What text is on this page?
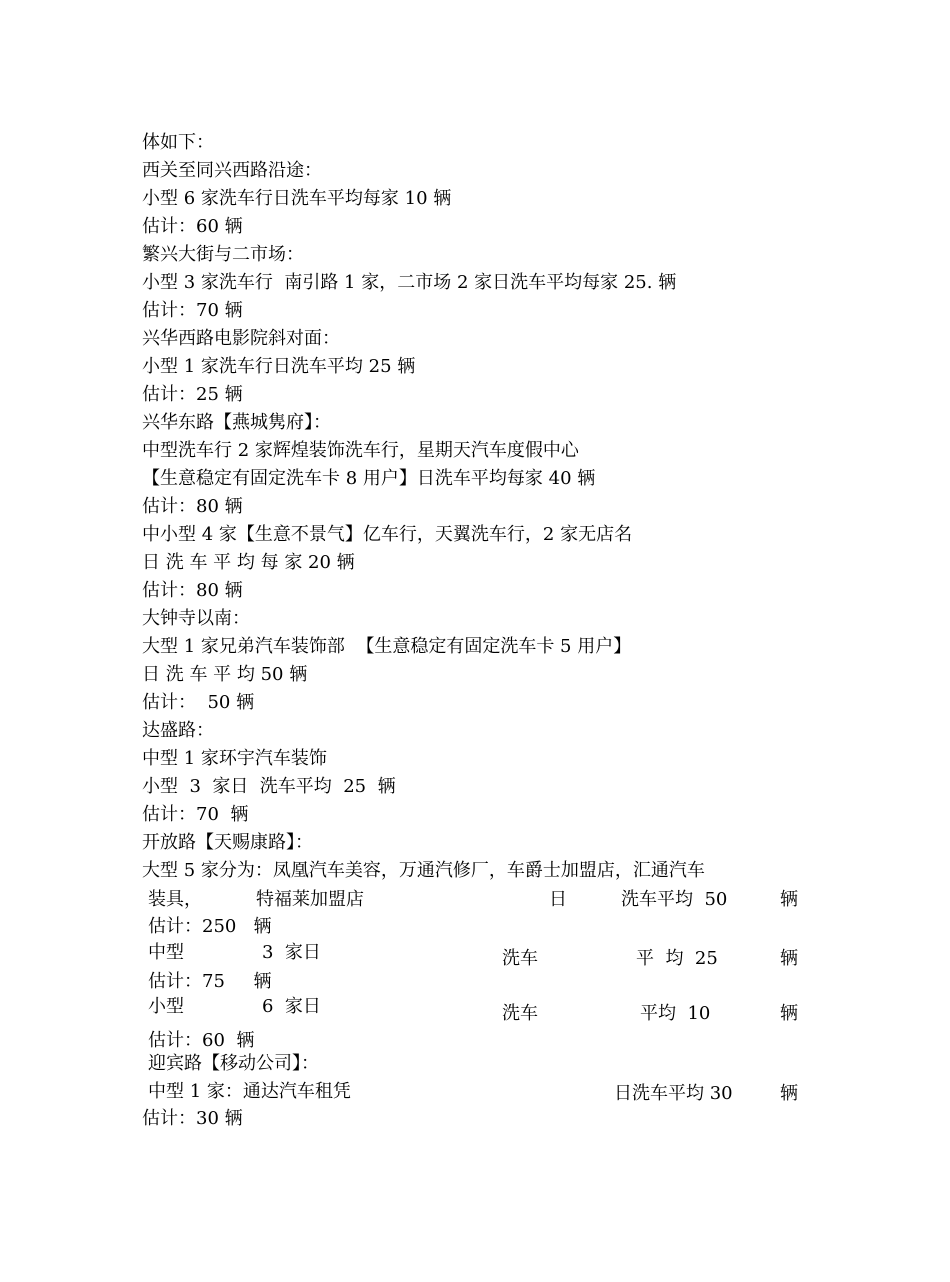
体如下：
西关至同兴西路沿途：
小型 6 家洗车行日洗车平均每家 10 辆
估计：60 辆
繁兴大街与二市场：
小型 3 家洗车行  南引路 1 家，二市场 2 家日洗车平均每家 25. 辆
估计：70 辆
兴华西路电影院斜对面：
小型 1 家洗车行日洗车平均 25 辆
估计：25 辆
兴华东路【燕城隽府】：
中型洗车行 2 家辉煌装饰洗车行，星期天汽车度假中心
【生意稳定有固定洗车卡 8 用户】日洗车平均每家 40 辆
估计：80 辆
中小型 4 家【生意不景气】亿车行，天翼洗车行，2 家无店名
日 洗 车 平 均 每 家 20 辆
估计：80 辆
大钟寺以南：
大型 1 家兄弟汽车装饰部  【生意稳定有固定洗车卡 5 用户】
日 洗 车 平 均 50 辆
估计：  50 辆
达盛路：
中型 1 家环宇汽车装饰
小型  3  家日  洗车平均  25  辆
估计：70  辆
开放路【天赐康路】：
大型 5 家分为：凤凰汽车美容，万通汽修厂，车爵士加盟店，汇通汽车
装具，	特福莱加盟店	日	洗车平均  50	辆
估计：250   辆
中型	3  家日	洗车	平  均  25	辆
估计：75     辆
小型	6  家日	洗车	平均  10	辆
估计：60  辆
迎宾路【移动公司】：
中型 1 家：通达汽车租凭	日洗车平均 30	辆
估计：30 辆
